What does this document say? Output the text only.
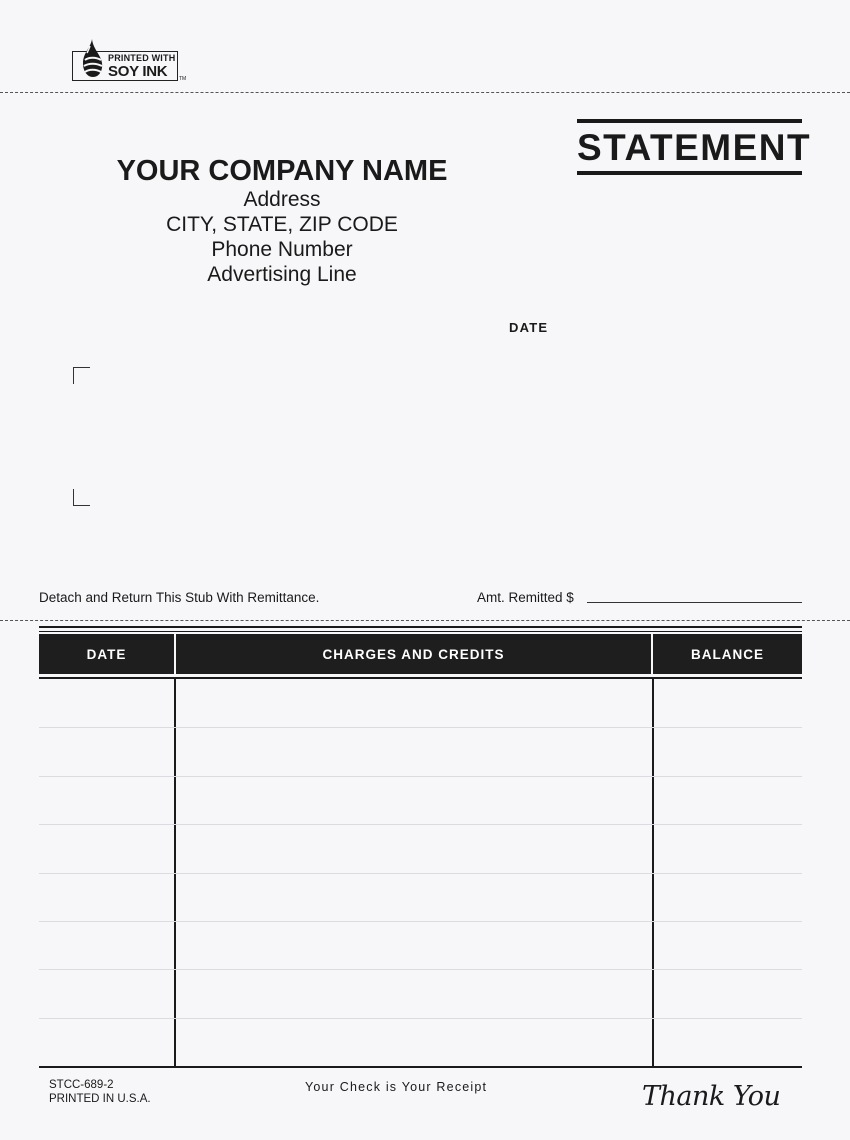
PRINTED WITH
SOY INK TM
STATEMENT
YOUR COMPANY NAME
Address
CITY, STATE, ZIP CODE
Phone Number
Advertising Line
DATE
Detach and Return This Stub With Remittance.	Amt. Remitted $
DATE	CHARGES AND CREDITS	BALANCE
STCC-689-2
PRINTED IN U.S.A.
Your Check is Your Receipt	Thank You
